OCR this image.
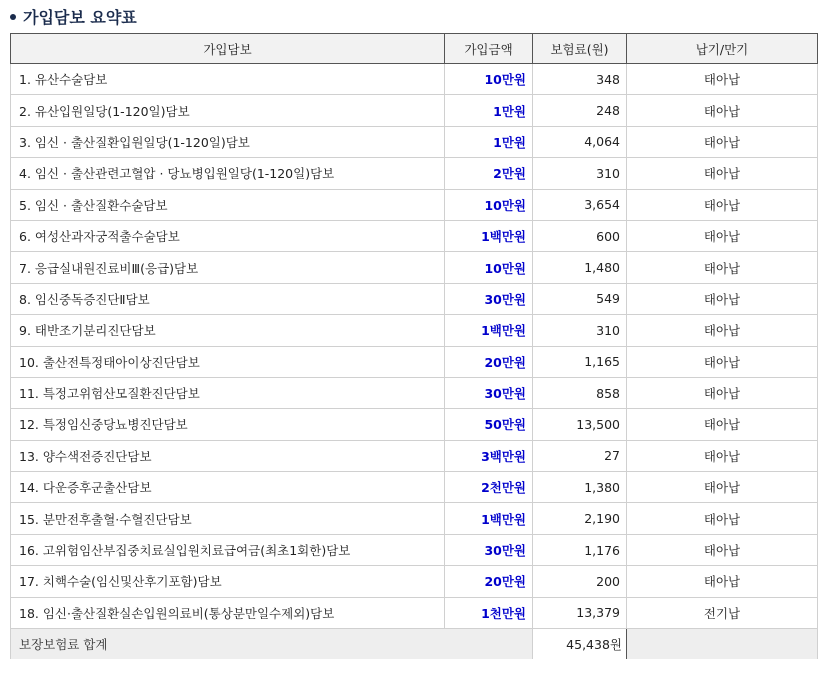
가입담보 요약표
가입담보	가입금액	보험료(원)	납기/만기
1. 유산수술담보	10만원	348	태아납
2. 유산입원일당(1-120일)담보	1만원	248	태아납
3. 임신 · 출산질환입원일당(1-120일)담보	1만원	4,064	태아납
4. 임신 · 출산관련고혈압 · 당뇨병입원일당(1-120일)담보	2만원	310	태아납
5. 임신 · 출산질환수술담보	10만원	3,654	태아납
6. 여성산과자궁적출수술담보	1백만원	600	태아납
7. 응급실내원진료비Ⅲ(응급)담보	10만원	1,480	태아납
8. 임신중독증진단Ⅱ담보	30만원	549	태아납
9. 태반조기분리진단담보	1백만원	310	태아납
10. 출산전특정태아이상진단담보	20만원	1,165	태아납
11. 특정고위험산모질환진단담보	30만원	858	태아납
12. 특정임신중당뇨병진단담보	50만원	13,500	태아납
13. 양수색전증진단담보	3백만원	27	태아납
14. 다운증후군출산담보	2천만원	1,380	태아납
15. 분만전후출혈·수혈진단담보	1백만원	2,190	태아납
16. 고위험임산부집중치료실입원치료급여금(최초1회한)담보	30만원	1,176	태아납
17. 치핵수술(임신및산후기포함)담보	20만원	200	태아납
18. 임신·출산질환실손입원의료비(통상분만일수제외)담보	1천만원	13,379	전기납
보장보험료 합계		45,438원	
